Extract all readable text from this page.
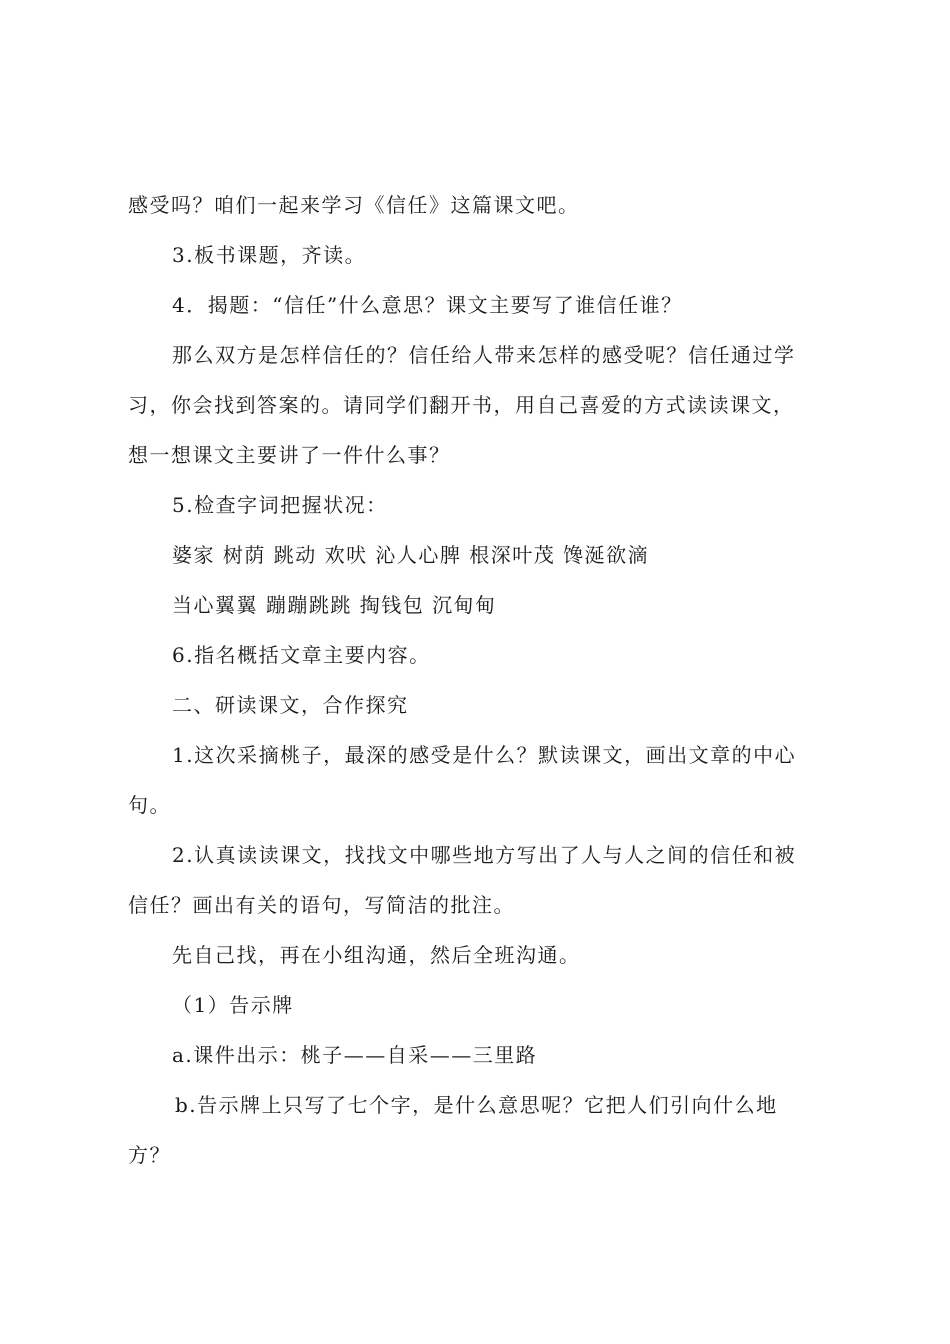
感受吗？咱们一起来学习《信任》这篇课文吧。
3.板书课题，齐读。
4．揭题：“信任”什么意思？课文主要写了谁信任谁？
那么双方是怎样信任的？信任给人带来怎样的感受呢？信任通过学
习，你会找到答案的。请同学们翻开书，用自己喜爱的方式读读课文，
想一想课文主要讲了一件什么事？
5.检查字词把握状况：
婆家 树荫 跳动 欢吠 沁人心脾 根深叶茂 馋涎欲滴
当心翼翼 蹦蹦跳跳 掏钱包 沉甸甸
6.指名概括文章主要内容。
二、研读课文，合作探究
1.这次采摘桃子，最深的感受是什么？默读课文，画出文章的中心
句。
2.认真读读课文，找找文中哪些地方写出了人与人之间的信任和被
信任？画出有关的语句，写简洁的批注。
先自己找，再在小组沟通，然后全班沟通。
（1）告示牌
a.课件出示：桃子——自采——三里路
b.告示牌上只写了七个字，是什么意思呢？它把人们引向什么地
方？
